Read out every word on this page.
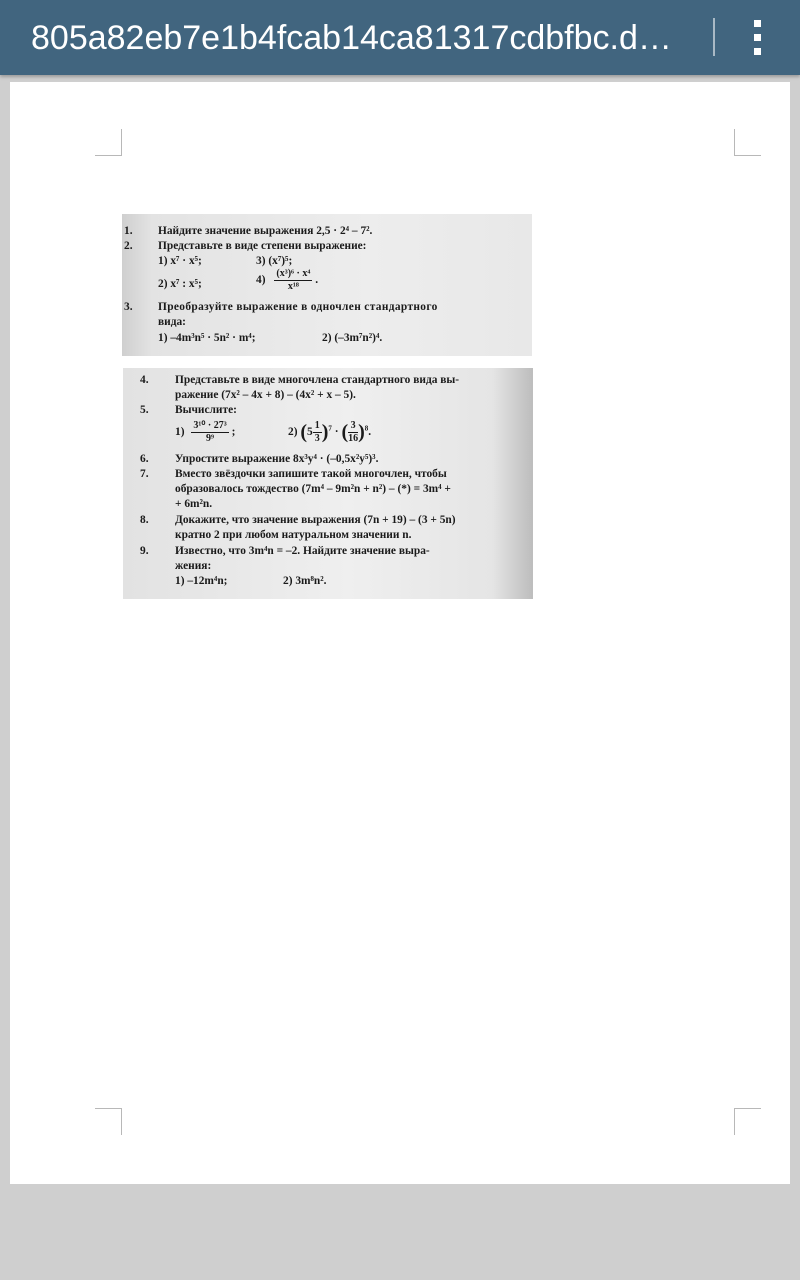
805a82eb7e1b4fcab14ca81317cdbfbc.d…
1. Найдите значение выражения 2,5 · 2⁴ – 7².
2. Представьте в виде степени выражение:
1) x⁷ · x⁵;	3) (x⁷)⁵;
2) x⁷ : x⁵;	$4) \frac{\text{(x³)⁶ · x⁴}}{\text{x¹⁸}}$ .
3. Преобразуйте выражение в одночлен стандартного
вида:
1) –4m³n⁵ · 5n² · m⁴;	2) (–3m⁷n²)⁴.
4. Представьте в виде многочлена стандартного вида вы-
ражение (7x² – 4x + 8) – (4x² + x – 5).
5. Вычислите:
$1) \frac{\text{3¹⁰ · 27³}}{\text{9⁹}}$ ;	2) $(5 \frac{1}{3} )^7$ · ( $\frac{3}{16} )^8$.
6. Упростите выражение 8x³y⁴ · (–0,5x²y⁵)³.
7. Вместо звёздочки запишите такой многочлен, чтобы
образовалось тождество (7m⁴ – 9m²n + n²) – (*) = 3m⁴ +
+ 6m²n.
8. Докажите, что значение выражения (7n + 19) – (3 + 5n)
кратно 2 при любом натуральном значении n.
9. Известно, что 3m⁴n = –2. Найдите значение выра-
жения:
1) –12m⁴n;	2) 3m⁸n².
